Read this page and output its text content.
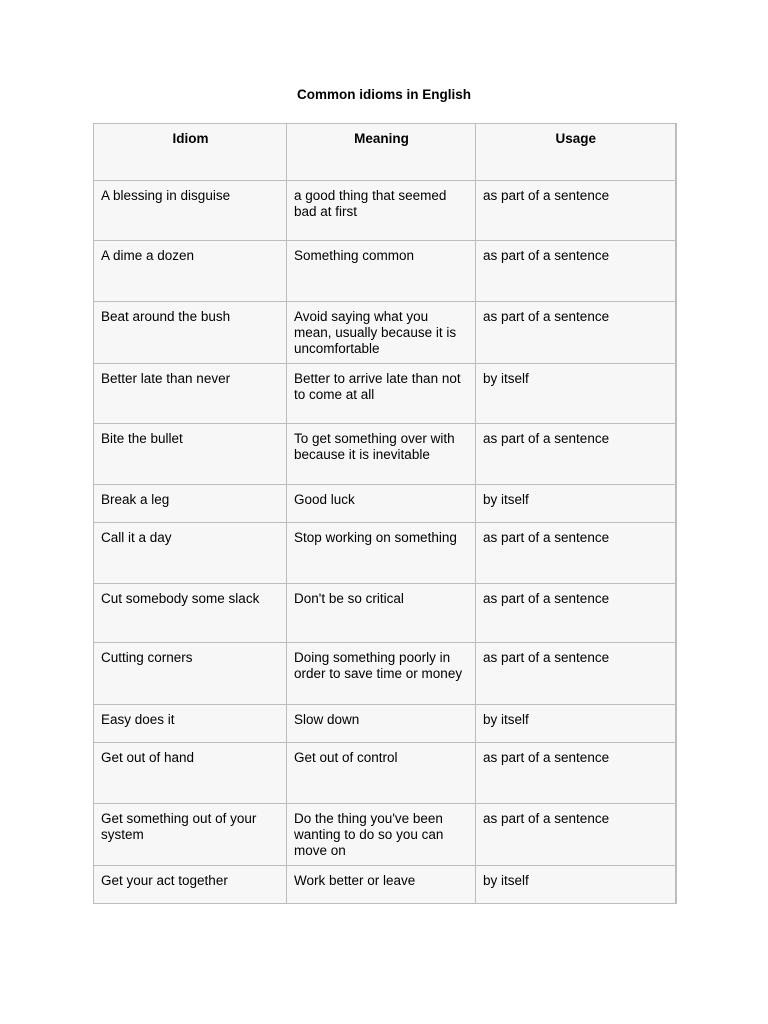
Common idioms in English
Idiom	Meaning	Usage
A blessing in disguise	a good thing that seemed bad at first	as part of a sentence
A dime a dozen	Something common	as part of a sentence
Beat around the bush	Avoid saying what you mean, usually because it is uncomfortable	as part of a sentence
Better late than never	Better to arrive late than not to come at all	by itself
Bite the bullet	To get something over with because it is inevitable	as part of a sentence
Break a leg	Good luck	by itself
Call it a day	Stop working on something	as part of a sentence
Cut somebody some slack	Don't be so critical	as part of a sentence
Cutting corners	Doing something poorly in order to save time or money	as part of a sentence
Easy does it	Slow down	by itself
Get out of hand	Get out of control	as part of a sentence
Get something out of your system	Do the thing you've been wanting to do so you can move on	as part of a sentence
Get your act together	Work better or leave	by itself
